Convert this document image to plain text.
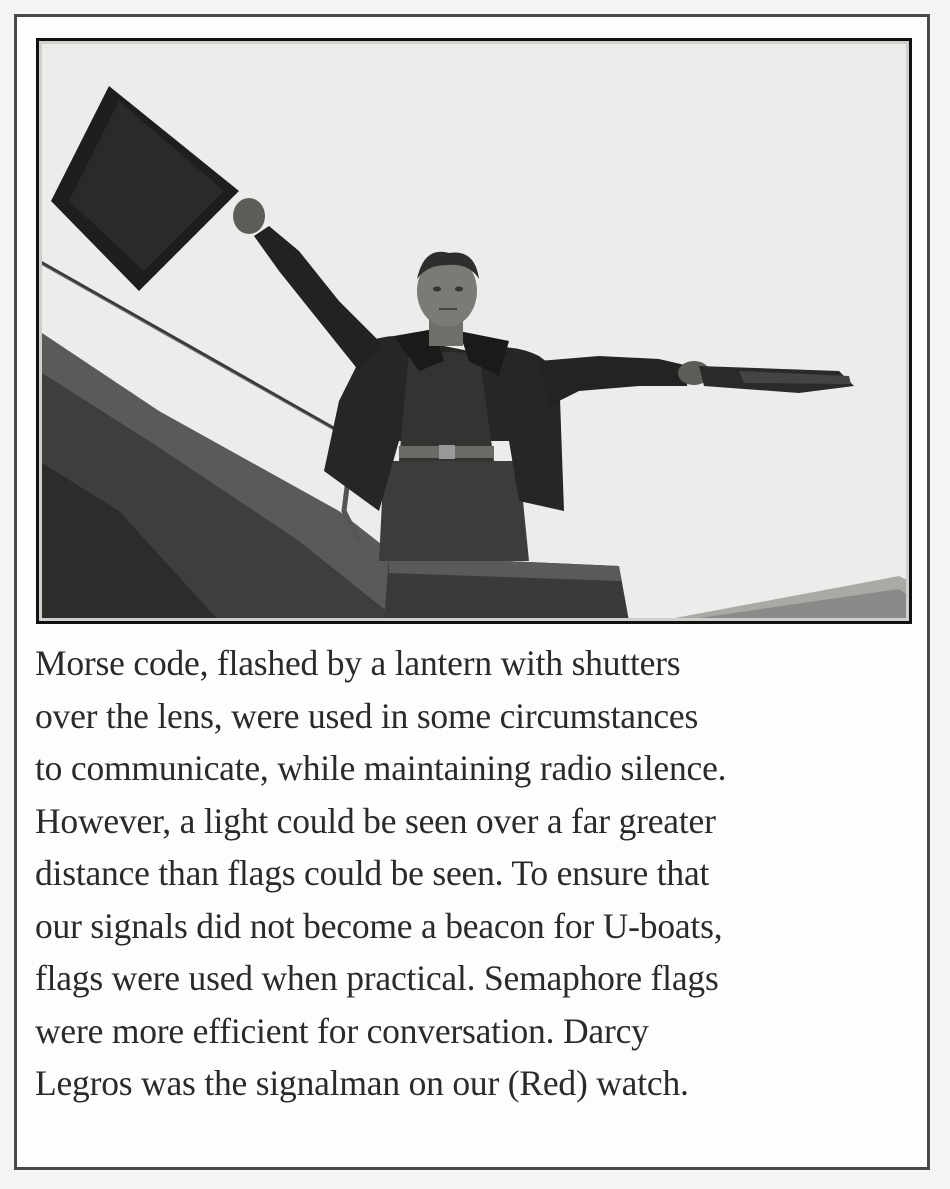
Morse code, flashed by a lantern with shutters
over the lens, were used in some circumstances
to communicate, while maintaining radio silence.
However, a light could be seen over a far greater
distance than flags could be seen. To ensure that
our signals did not become a beacon for U-boats,
flags were used when practical. Semaphore flags
were more efficient for conversation. Darcy
Legros was the signalman on our (Red) watch.
